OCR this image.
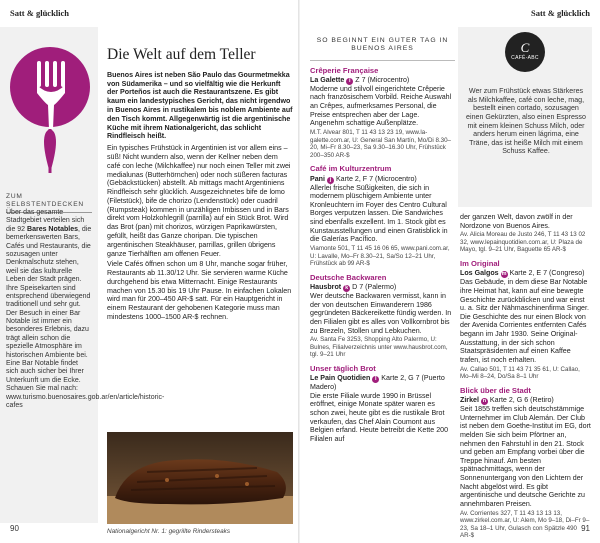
Satt & glücklich
ZUM SELBSTENTDECKEN
Über das gesamte Stadtgebiet verteilen sich die 92 Bares Notables, die bemerkenswerten Bars, Cafés und Restaurants, die sozusagen unter Denkmalschutz stehen, weil sie das kulturelle Leben der Stadt prägen. Ihre Speisekarten sind entsprechend überwiegend traditionell und sehr gut. Der Besuch in einer Bar Notable ist immer ein besonderes Erlebnis, dazu trägt allein schon die spezielle Atmosphäre im historischen Ambiente bei. Eine Bar Notable findet sich auch sicher bei Ihrer Unterkunft um die Ecke. Schauen Sie mal nach: www.turismo.buenosaires.gob.ar/en/article/historic-cafes
Die Welt auf dem Teller
Buenos Aires ist neben São Paulo das Gourmetmekka von Südamerika – und so vielfältig wie die Herkunft der Porteños ist auch die Restaurantszene. Es gibt kaum ein landestypisches Gericht, das nicht irgendwo in Buenos Aires in rustikalem bis noblem Ambiente auf den Tisch kommt. Allgegenwärtig ist die argentinische Küche mit ihrem Nationalgericht, das schlicht Rindfleisch heißt.

Ein typisches Frühstück in Argentinien ist vor allem eins – süß! Nicht wundern also, wenn der Kellner neben dem café con leche (Milchkaffee) nur noch einen Teller mit zwei medialunas (Butterhörnchen) oder noch süßeren facturas (Gebäckstücken) abstellt. Ab mittags macht Argentiniens Rindfleisch sehr glücklich. Ausgezeichnetes bife de lomo (Filetstück), bife de chorizo (Lendenstück) oder cuadril (Rumpsteak) kommen in unzähligen Imbissen und in Bars direkt vom Holzkohlegrill (parrilla) auf ein Stück Brot. Wird das Brot (pan) mit chorizos, würzigen Paprikawürsten, gefüllt, heißt das Ganze choripan. Die typischen argentinischen Steakhäuser, parrillas, grillen übrigens ganze Tierhälften am offenen Feuer.

Viele Cafés öffnen schon um 8 Uhr, manche sogar früher, Restaurants ab 11.30/12 Uhr. Sie servieren warme Küche durchgehend bis etwa Mitternacht. Einige Restaurants machen von 15.30 bis 19 Uhr Pause. In einfachen Lokalen wird man für 200–450 AR-$ satt. Für ein Hauptgericht in einem Restaurant der gehobenen Kategorie muss man mindestens 1000–1500 AR-$ rechnen.

Nationalgericht Nr. 1: gegrillte Rindersteaks
90
Satt & glücklich
SO BEGINNT EIN GUTER TAG IN BUENOS AIRES
Crêperie Française
La Galette i Z 7 (Microcentro)
Moderne und stilvoll eingerichtete Crêperie nach französischem Vorbild. Reiche Auswahl an Crêpes, aufmerksames Personal, die Preise entsprechen aber der Lage. Angenehm schattige Außenplätze.
M.T. Alvear 801, T 11 43 13 23 19, www.la-galette.com.ar, U: General San Martín, Mo/Di 8.30–20, Mi–Fr 8.30–23, Sa 9.30–16.30 Uhr, Frühstück 200–350 AR-$
Café im Kulturzentrum
Pani j Karte 2, F 7 (Microcentro)
Allerlei frische Süßigkeiten, die sich in modernem plüschigem Ambiente unter Kronleuchtern im Foyer des Centro Cultural Borges verputzen lassen. Die Sandwiches sind ebenfalls exzellent. Im 1. Stock gibt es Kunstausstellungen und einen Gratisblick in die Galerías Pacífico.
Viamonte 501, T 11 45 16 06 65, www.pani.com.ar, U: Lavalle, Mo–Fr 8.30–21, Sa/So 12–21 Uhr, Frühstück ab 99 AR-$
Deutsche Backwaren
Hausbrot k D 7 (Palermo)
Wer deutsche Backwaren vermisst, kann in der von deutschen Einwanderern 1986 gegründeten Bäckereikette fündig werden. In den Filialen gibt es alles von Vollkornbrot bis zu Brezeln, Stollen und Lebkuchen.
Av. Santa Fe 3253, Shopping Alto Palermo, U: Bulnes, Filialverzeichnis unter www.hausbrot.com, tgl. 9–21 Uhr
Unser täglich Brot
Le Pain Quotidien l Karte 2, G 7 (Puerto Madero)
Die erste Filiale wurde 1990 in Brüssel eröffnet, einige Monate später waren es schon zwei, heute gibt es die rustikale Brot verkaufen, das Chef Alain Coumont aus Belgien erfand. Heute betreibt die Kette 200 Filialen auf
C
CAFÉ-ABC
Wer zum Frühstück etwas Stärkeres als Milchkaffee, café con leche, mag, bestellt einen cortado, sozusagen einen Gekürzten, also einen Espresso mit einem kleinen Schuss Milch, oder anders herum einen lágrima, eine Träne, das ist heiße Milch mit einem Schuss Kaffee.
der ganzen Welt, davon zwölf in der Nordzone von Buenos Aires.
Av. Alicia Moreau de Justo 246, T 11 43 13 02 32, www.lepainquotidien.com.ar, U: Plaza de Mayo, tgl. 9–21 Uhr, Baguette 65 AR-$
Im Original
Los Galgos m Karte 2, E 7 (Congreso)
Das Gebäude, in dem diese Bar Notable ihre Heimat hat, kann auf eine bewegte Geschichte zurückblicken und war einst u. a. Sitz der Nähmaschinenfirma Singer. Die Geschichte des nur einen Block von der Avenida Corrientes entfernten Cafés begann im Jahr 1930. Seine Original-Ausstattung, in der sich schon Staatspräsidenten auf einen Kaffee trafen, ist noch erhalten.
Av. Callao 501, T 11 43 71 35 61, U: Callao, Mo–Mi 8–24, Do/Sa 8–1 Uhr
Blick über die Stadt
Zirkel n Karte 2, G 6 (Retiro)
Seit 1855 treffen sich deutschstämmige Unternehmer im Club Alemán. Der Club ist neben dem Goethe-Institut im EG, dort melden Sie sich beim Pförtner an, nehmen den Fahrstuhl in den 21. Stock und geben am Empfang vorbei über die Treppe hinauf. Am besten spätnachmittags, wenn der Sonnenuntergang von den Lichtern der Nacht abgelöst wird. Es gibt argentinische und deutsche Gerichte zu annehmbaren Preisen.
Av. Corrientes 327, T 11 43 13 13 13, www.zirkel.com.ar, U: Alem, Mo 9–18, Di–Fr 9–23, Sa 18–1 Uhr, Gulasch con Spätzle 490 AR-$
91
